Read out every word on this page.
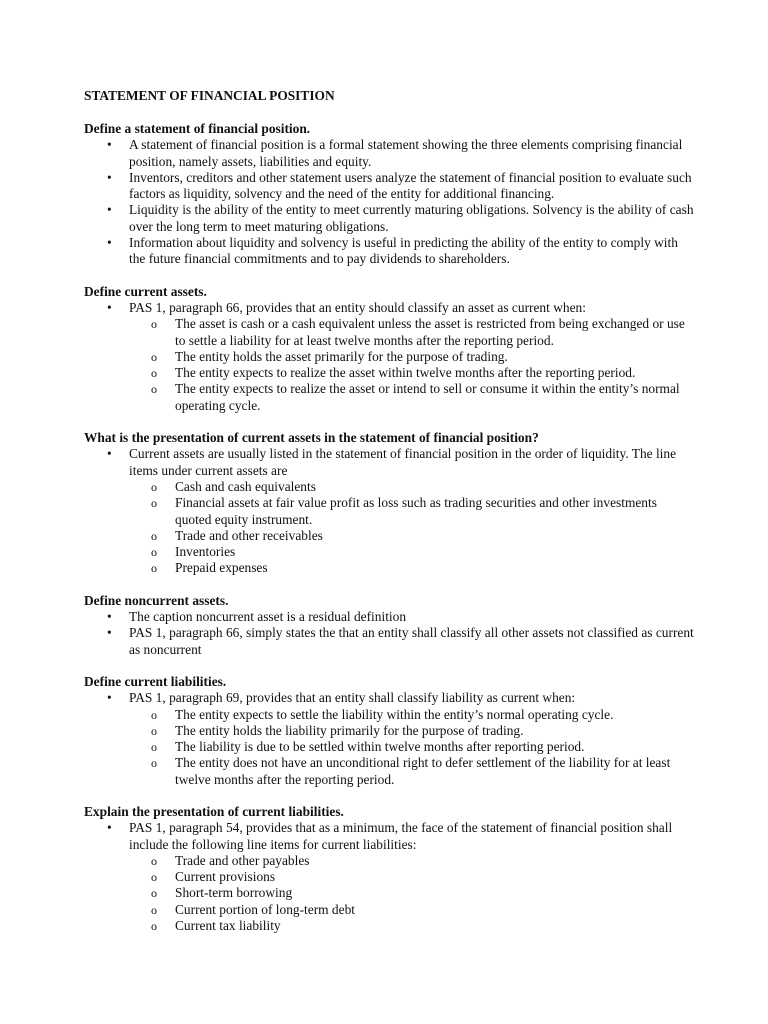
STATEMENT OF FINANCIAL POSITION
Define a statement of financial position.
• A statement of financial position is a formal statement showing the three elements comprising financial position, namely assets, liabilities and equity.
• Inventors, creditors and other statement users analyze the statement of financial position to evaluate such factors as liquidity, solvency and the need of the entity for additional financing.
• Liquidity is the ability of the entity to meet currently maturing obligations. Solvency is the ability of cash over the long term to meet maturing obligations.
• Information about liquidity and solvency is useful in predicting the ability of the entity to comply with the future financial commitments and to pay dividends to shareholders.
Define current assets.
• PAS 1, paragraph 66, provides that an entity should classify an asset as current when:
o The asset is cash or a cash equivalent unless the asset is restricted from being exchanged or use to settle a liability for at least twelve months after the reporting period.
o The entity holds the asset primarily for the purpose of trading.
o The entity expects to realize the asset within twelve months after the reporting period.
o The entity expects to realize the asset or intend to sell or consume it within the entity’s normal operating cycle.
What is the presentation of current assets in the statement of financial position?
• Current assets are usually listed in the statement of financial position in the order of liquidity. The line items under current assets are
o Cash and cash equivalents
o Financial assets at fair value profit as loss such as trading securities and other investments quoted equity instrument.
o Trade and other receivables
o Inventories
o Prepaid expenses
Define noncurrent assets.
• The caption noncurrent asset is a residual definition
• PAS 1, paragraph 66, simply states the that an entity shall classify all other assets not classified as current as noncurrent
Define current liabilities.
• PAS 1, paragraph 69, provides that an entity shall classify liability as current when:
o The entity expects to settle the liability within the entity’s normal operating cycle.
o The entity holds the liability primarily for the purpose of trading.
o The liability is due to be settled within twelve months after reporting period.
o The entity does not have an unconditional right to defer settlement of the liability for at least twelve months after the reporting period.
Explain the presentation of current liabilities.
• PAS 1, paragraph 54, provides that as a minimum, the face of the statement of financial position shall include the following line items for current liabilities:
o Trade and other payables
o Current provisions
o Short-term borrowing
o Current portion of long-term debt
o Current tax liability
